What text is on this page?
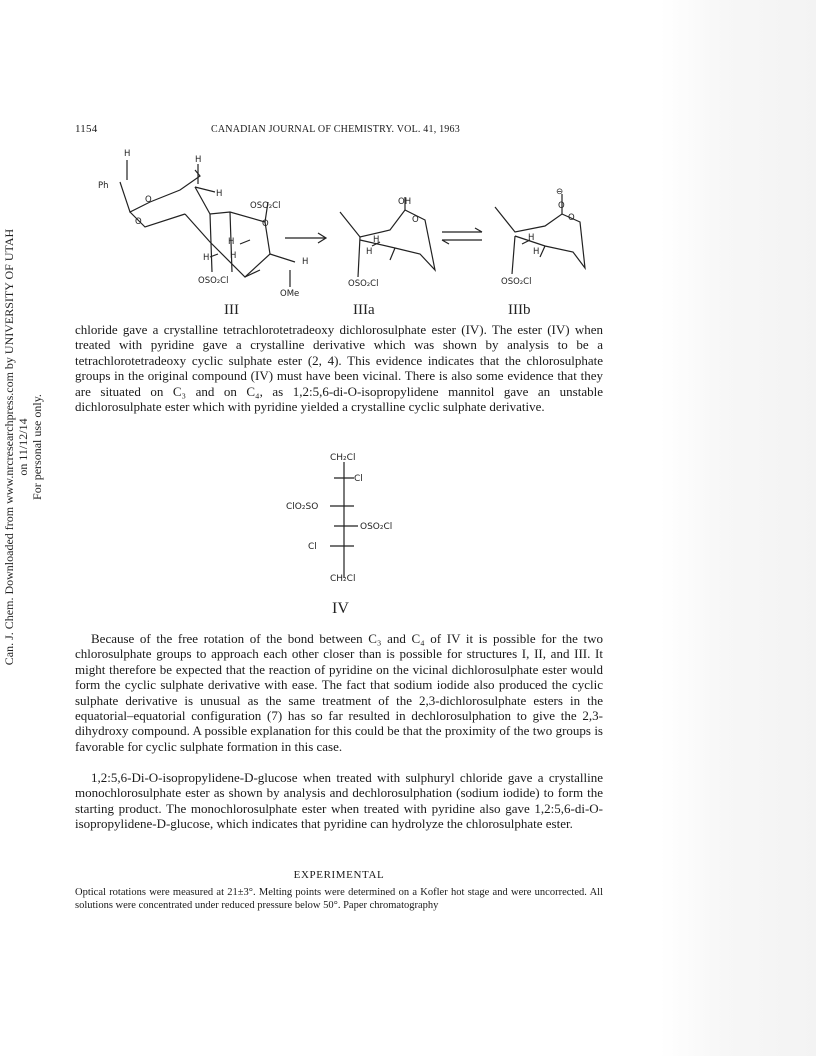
Can. J. Chem. Downloaded from www.nrcresearchpress.com by UNIVERSITY OF UTAH on 11/12/14 For personal use only.
1154	CANADIAN JOURNAL OF CHEMISTRY. VOL. 41, 1963
Ph
H
H
H
O
O
OSO₂Cl
O
H
H H
H
OSO₂Cl
OMe
OH
O
H
H
OSO₂Cl
⊖
O
O
H
H
OSO₂Cl
III	IIIa	IIIb

chloride gave a crystalline tetrachlorotetradeoxy dichlorosulphate ester (IV). The ester (IV) when treated with pyridine gave a crystalline derivative which was shown by analysis to be a tetrachlorotetradeoxy cyclic sulphate ester (2, 4). This evidence indicates that the chlorosulphate groups in the original compound (IV) must have been vicinal. There is also some evidence that they are situated on C₃ and on C₄, as 1,2:5,6-di-O-isopropylidene mannitol gave an unstable dichlorosulphate ester which with pyridine yielded a crystalline cyclic sulphate derivative.

CH₂Cl
Cl
ClO₂SO
OSO₂Cl
Cl
CH₂Cl
IV

Because of the free rotation of the bond between C₃ and C₄ of IV it is possible for the two chlorosulphate groups to approach each other closer than is possible for structures I, II, and III. It might therefore be expected that the reaction of pyridine on the vicinal dichlorosulphate ester would form the cyclic sulphate derivative with ease. The fact that sodium iodide also produced the cyclic sulphate derivative is unusual as the same treatment of the 2,3-dichlorosulphate esters in the equatorial–equatorial configuration (7) has so far resulted in dechlorosulphation to give the 2,3-dihydroxy compound. A possible explanation for this could be that the proximity of the two groups is favorable for cyclic sulphate formation in this case.

1,2:5,6-Di-O-isopropylidene-D-glucose when treated with sulphuryl chloride gave a crystalline monochlorosulphate ester as shown by analysis and dechlorosulphation (sodium iodide) to form the starting product. The monochlorosulphate ester when treated with pyridine also gave 1,2:5,6-di-O-isopropylidene-D-glucose, which indicates that pyridine can hydrolyze the chlorosulphate ester.

EXPERIMENTAL

Optical rotations were measured at 21±3°. Melting points were determined on a Kofler hot stage and were uncorrected. All solutions were concentrated under reduced pressure below 50°. Paper chromatography
